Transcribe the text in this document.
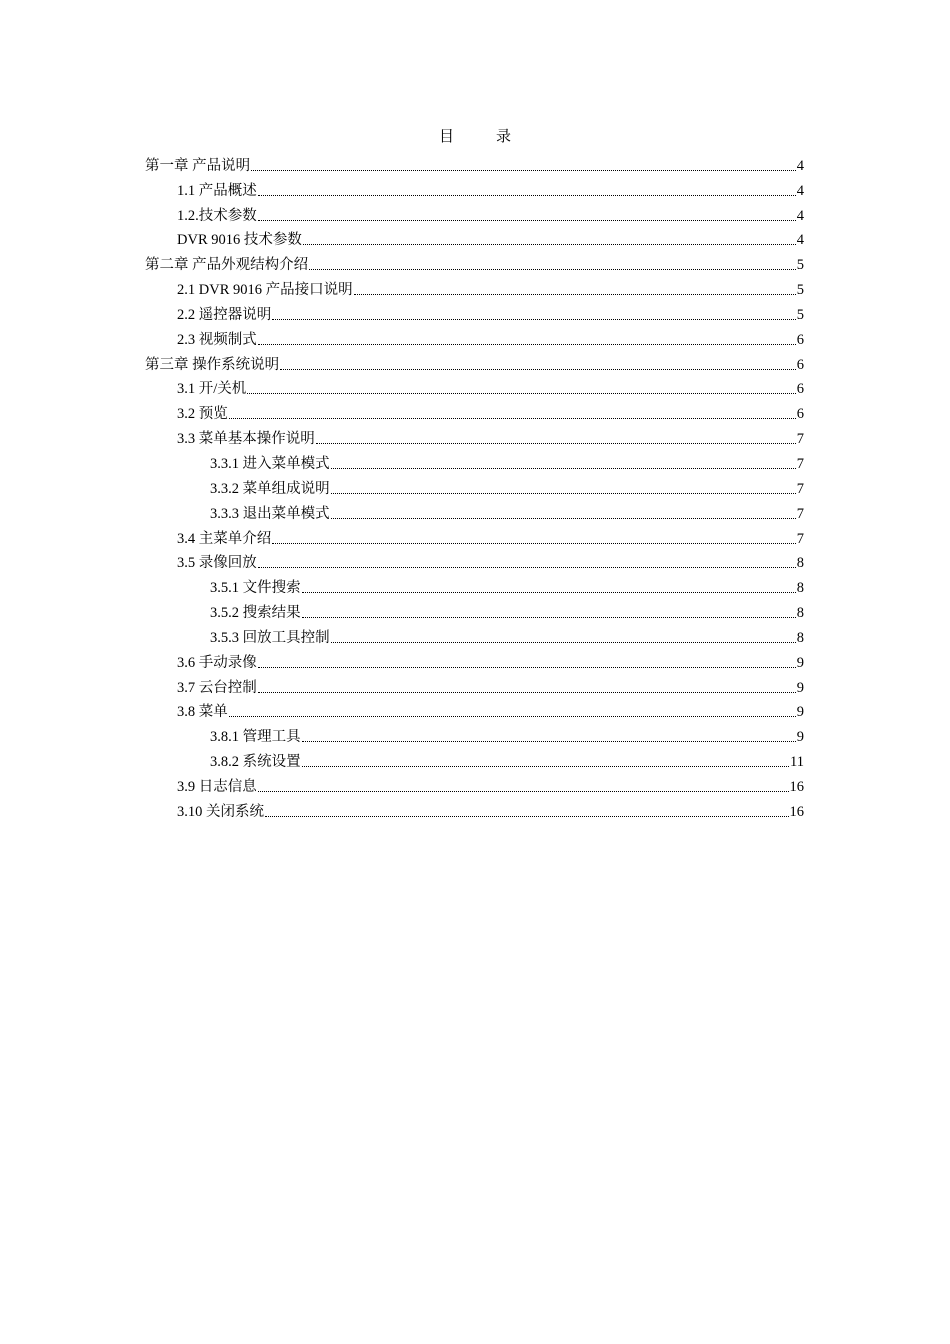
目	录
第一章 产品说明	4
1.1 产品概述	4
1.2.技术参数	4
DVR 9016 技术参数	4
第二章 产品外观结构介绍	5
2.1 DVR 9016 产品接口说明	5
2.2 遥控器说明	5
2.3 视频制式	6
第三章 操作系统说明	6
3.1 开/关机	6
3.2 预览	6
3.3 菜单基本操作说明	7
3.3.1 进入菜单模式	7
3.3.2 菜单组成说明	7
3.3.3 退出菜单模式	7
3.4 主菜单介绍	7
3.5 录像回放	8
3.5.1 文件搜索	8
3.5.2 搜索结果	8
3.5.3 回放工具控制	8
3.6 手动录像	9
3.7 云台控制	9
3.8 菜单	9
3.8.1 管理工具	9
3.8.2 系统设置	11
3.9 日志信息	16
3.10 关闭系统	16
